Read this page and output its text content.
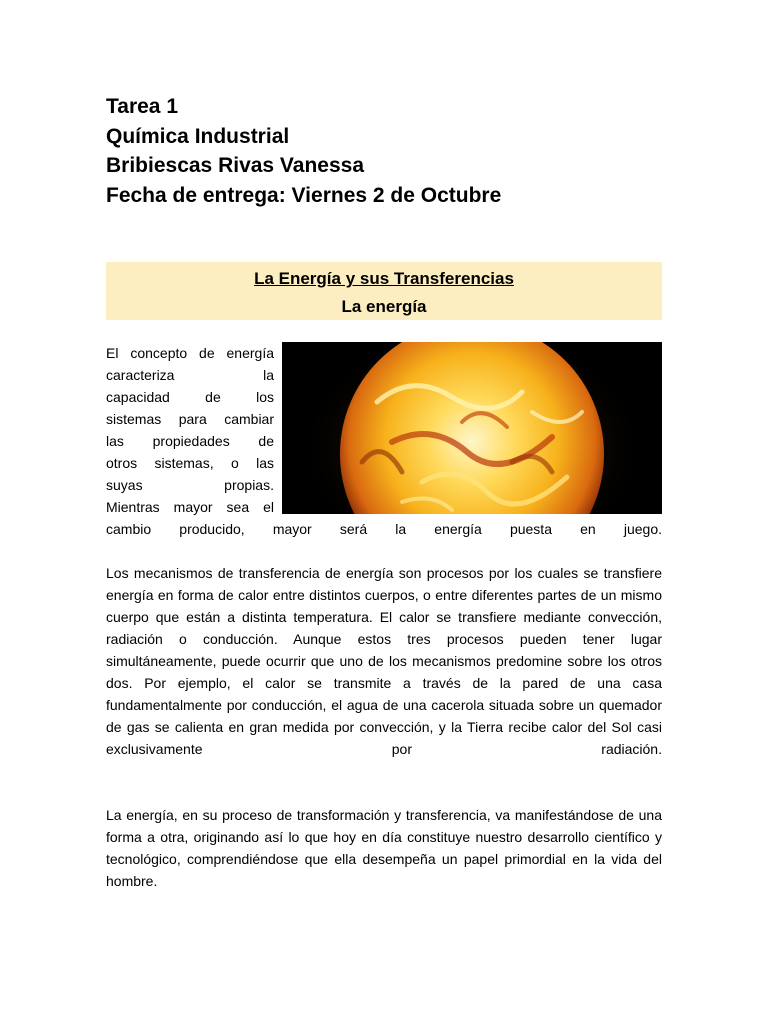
Tarea 1
Química Industrial
Bribiescas Rivas Vanessa
Fecha de entrega: Viernes 2 de Octubre
La Energía y sus Transferencias
La energía
El concepto de energía
caracteriza la
capacidad de los
sistemas para cambiar
las propiedades de
otros sistemas, o las
suyas propias.
Mientras mayor sea el
cambio producido, mayor será la energía puesta en juego.
Los mecanismos de transferencia de energía son procesos por los cuales se transfiere energía en forma de calor entre distintos cuerpos, o entre diferentes partes de un mismo cuerpo que están a distinta temperatura. El calor se transfiere mediante convección, radiación o conducción. Aunque estos tres procesos pueden tener lugar simultáneamente, puede ocurrir que uno de los mecanismos predomine sobre los otros dos. Por ejemplo, el calor se transmite a través de la pared de una casa fundamentalmente por conducción, el agua de una cacerola situada sobre un quemador de gas se calienta en gran medida por convección, y la Tierra recibe calor del Sol casi exclusivamente por radiación.
La energía, en su proceso de transformación y transferencia, va manifestándose de una forma a otra, originando así lo que hoy en día constituye nuestro desarrollo científico y tecnológico, comprendiéndose que ella desempeña un papel primordial en la vida del hombre.
